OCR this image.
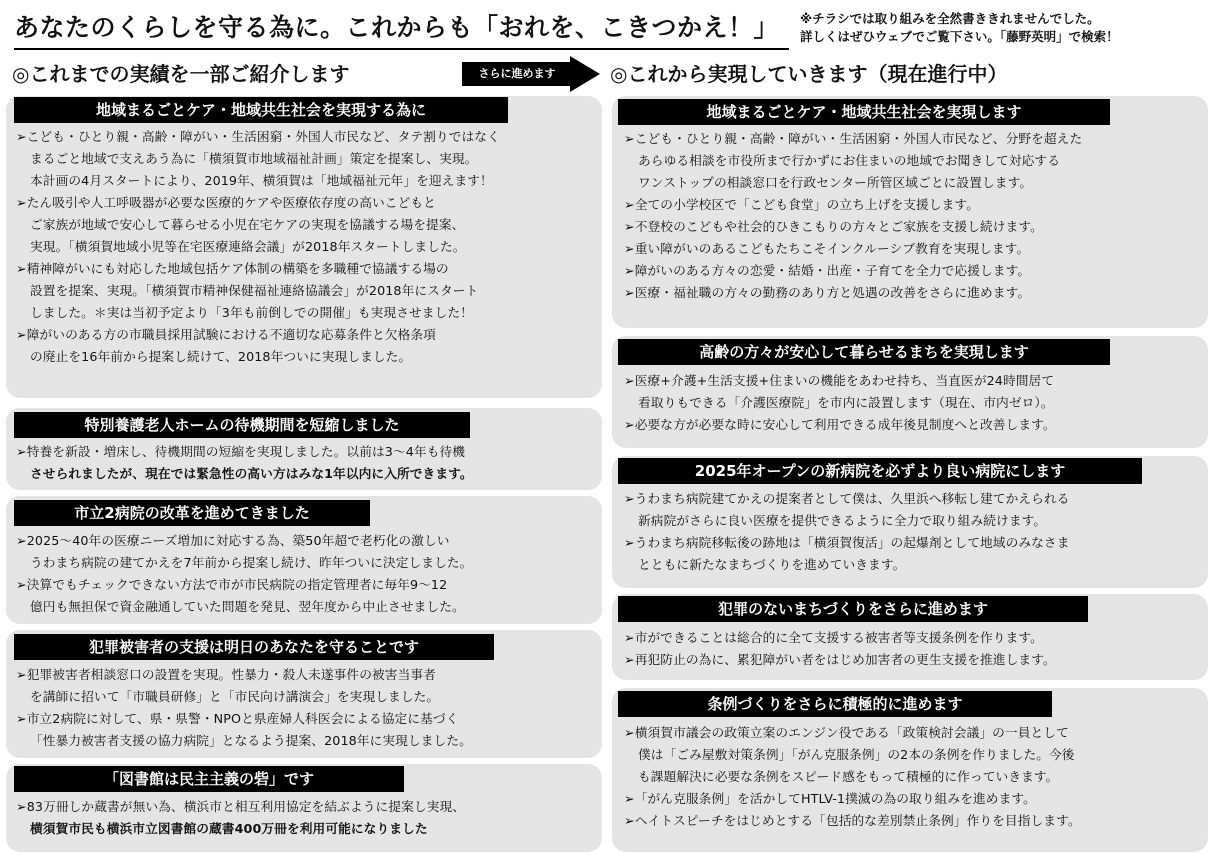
あなたのくらしを守る為に。これからも「おれを、こきつかえ！」	※チラシでは取り組みを全然書ききれませんでした。
詳しくはぜひウェブでご覧下さい。「藤野英明」で検索！
◎これまでの実績を一部ご紹介します	さらに進めます	◎これから実現していきます（現在進行中）
地域まるごとケア・地域共生社会を実現する為に

➢こども・ひとり親・高齢・障がい・生活困窮・外国人市民など、タテ割りではなく

まるごと地域で支えあう為に「横須賀市地域福祉計画」策定を提案し、実現。

本計画の4月スタートにより、2019年、横須賀は「地域福祉元年」を迎えます！

➢たん吸引や人工呼吸器が必要な医療的ケアや医療依存度の高いこどもと

ご家族が地域で安心して暮らせる小児在宅ケアの実現を協議する場を提案、

実現。「横須賀地域小児等在宅医療連絡会議」が2018年スタートしました。

➢精神障がいにも対応した地域包括ケア体制の構築を多職種で協議する場の

設置を提案、実現。「横須賀市精神保健福祉連絡協議会」が2018年にスタート

しました。＊実は当初予定より「3年も前倒しでの開催」も実現させました！

➢障がいのある方の市職員採用試験における不適切な応募条件と欠格条項

の廃止を16年前から提案し続けて、2018年ついに実現しました。

特別養護老人ホームの待機期間を短縮しました

➢特養を新設・増床し、待機期間の短縮を実現しました。以前は3～4年も待機

させられましたが、現在では緊急性の高い方はみな1年以内に入所できます。

市立2病院の改革を進めてきました

➢2025～40年の医療ニーズ増加に対応する為、築50年超で老朽化の激しい

うわまち病院の建てかえを7年前から提案し続け、昨年ついに決定しました。

➢決算でもチェックできない方法で市が市民病院の指定管理者に毎年9～12

億円も無担保で資金融通していた問題を発見、翌年度から中止させました。

犯罪被害者の支援は明日のあなたを守ることです

➢犯罪被害者相談窓口の設置を実現。性暴力・殺人未遂事件の被害当事者

を講師に招いて「市職員研修」と「市民向け講演会」を実現しました。

➢市立2病院に対して、県・県警・NPOと県産婦人科医会による協定に基づく

「性暴力被害者支援の協力病院」となるよう提案、2018年に実現しました。

「図書館は民主主義の砦」です

➢83万冊しか蔵書が無い為、横浜市と相互利用協定を結ぶように提案し実現、

横須賀市民も横浜市立図書館の蔵書400万冊を利用可能になりました

地域まるごとケア・地域共生社会を実現します

➢こども・ひとり親・高齢・障がい・生活困窮・外国人市民など、分野を超えた

あらゆる相談を市役所まで行かずにお住まいの地域でお聞きして対応する

ワンストップの相談窓口を行政センター所管区域ごとに設置します。

➢全ての小学校区で「こども食堂」の立ち上げを支援します。

➢不登校のこどもや社会的ひきこもりの方々とご家族を支援し続けます。

➢重い障がいのあるこどもたちこそインクルーシブ教育を実現します。

➢障がいのある方々の恋愛・結婚・出産・子育てを全力で応援します。

➢医療・福祉職の方々の勤務のあり方と処遇の改善をさらに進めます。

高齢の方々が安心して暮らせるまちを実現します

➢医療+介護+生活支援+住まいの機能をあわせ持ち、当直医が24時間居て

看取りもできる「介護医療院」を市内に設置します（現在、市内ゼロ）。

➢必要な方が必要な時に安心して利用できる成年後見制度へと改善します。

2025年オープンの新病院を必ずより良い病院にします

➢うわまち病院建てかえの提案者として僕は、久里浜へ移転し建てかえられる

新病院がさらに良い医療を提供できるように全力で取り組み続けます。

➢うわまち病院移転後の跡地は「横須賀復活」の起爆剤として地域のみなさま

とともに新たなまちづくりを進めていきます。

犯罪のないまちづくりをさらに進めます

➢市ができることは総合的に全て支援する被害者等支援条例を作ります。

➢再犯防止の為に、累犯障がい者をはじめ加害者の更生支援を推進します。

条例づくりをさらに積極的に進めます

➢横須賀市議会の政策立案のエンジン役である「政策検討会議」の一員として

僕は「ごみ屋敷対策条例」「がん克服条例」の2本の条例を作りました。今後

も課題解決に必要な条例をスピード感をもって積極的に作っていきます。

➢「がん克服条例」を活かしてHTLV-1撲滅の為の取り組みを進めます。

➢ヘイトスピーチをはじめとする「包括的な差別禁止条例」作りを目指します。
